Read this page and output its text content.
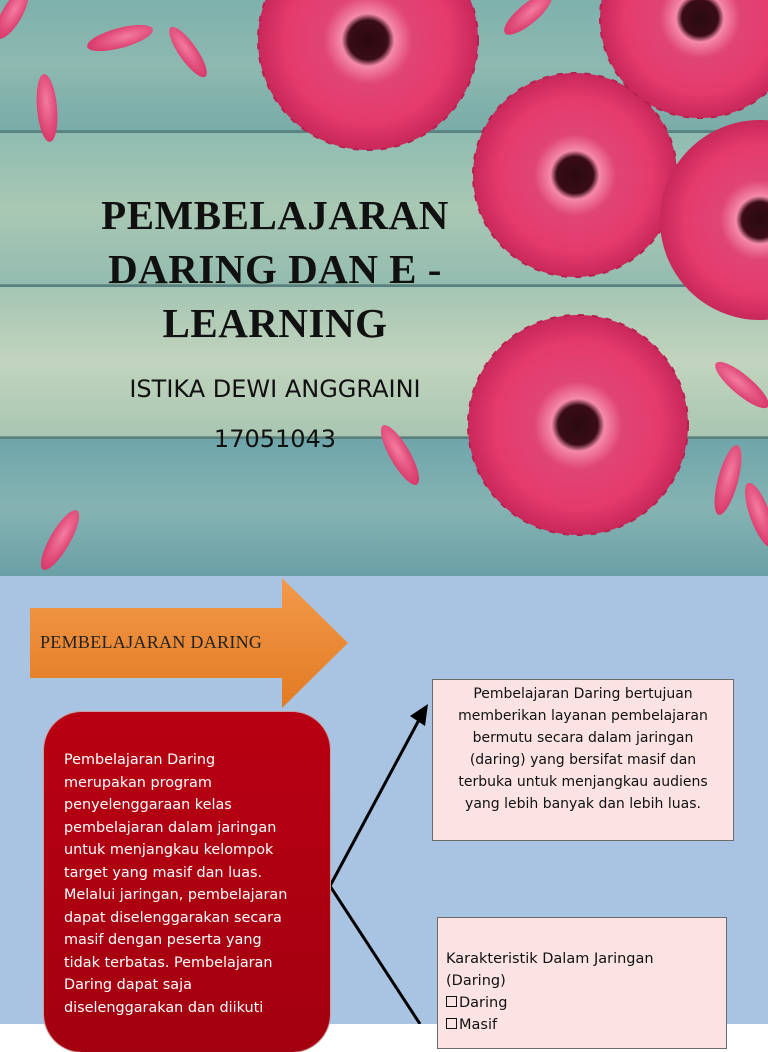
PEMBELAJARAN
DARING DAN E -
LEARNING
ISTIKA DEWI ANGGRAINI
17051043
PEMBELAJARAN DARING
Pembelajaran Daring
merupakan program
penyelenggaraan kelas
pembelajaran dalam jaringan
untuk menjangkau kelompok
target yang masif dan luas.
Melalui jaringan, pembelajaran
dapat diselenggarakan secara
masif dengan peserta yang
tidak terbatas. Pembelajaran
Daring dapat saja
diselenggarakan dan diikuti

Pembelajaran Daring bertujuan
memberikan layanan pembelajaran
bermutu secara dalam jaringan
(daring) yang bersifat masif dan
terbuka untuk menjangkau audiens
yang lebih banyak dan lebih luas.

Karakteristik Dalam Jaringan
(Daring)
Daring
Masif
